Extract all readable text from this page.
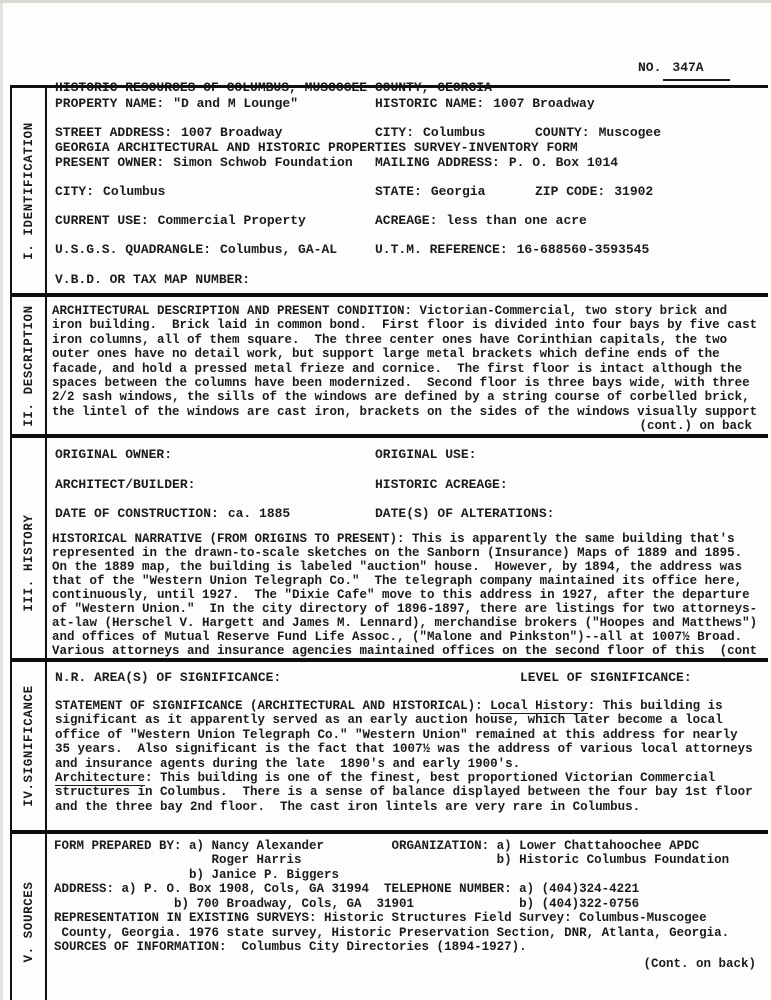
HISTORIC RESOURCES OF COLUMBUS, MUSCOGEE COUNTY, GEORGIA

GEORGIA ARCHITECTURAL AND HISTORIC PROPERTIES SURVEY-INVENTORY FORM

NO. 347A

I. IDENTIFICATION
PROPERTY NAME: "D and M Lounge"	HISTORIC NAME: 1007 Broadway
STREET ADDRESS: 1007 Broadway	CITY: Columbus	COUNTY: Muscogee
PRESENT OWNER: Simon Schwob Foundation	MAILING ADDRESS: P. O. Box 1014
CITY: Columbus	STATE: Georgia	ZIP CODE: 31902
CURRENT USE: Commercial Property	ACREAGE: less than one acre
U.S.G.S. QUADRANGLE: Columbus, GA-AL	U.T.M. REFERENCE: 16-688560-3593545
V.B.D. OR TAX MAP NUMBER:
II. DESCRIPTION ARCHITECTURAL DESCRIPTION AND PRESENT CONDITION: Victorian-Commercial, two story brick and
iron building.  Brick laid in common bond.  First floor is divided into four bays by five cast
iron columns, all of them square.  The three center ones have Corinthian capitals, the two
outer ones have no detail work, but support large metal brackets which define ends of the
facade, and hold a pressed metal frieze and cornice.  The first floor is intact although the
spaces between the columns have been modernized.  Second floor is three bays wide, with three
2/2 sash windows, the sills of the windows are defined by a string course of corbelled brick,
the lintel of the windows are cast iron, brackets on the sides of the windows visually support
(cont.) on back
III. HISTORY
ORIGINAL OWNER:	ORIGINAL USE:
ARCHITECT/BUILDER:	HISTORIC ACREAGE:
DATE OF CONSTRUCTION: ca. 1885	DATE(S) OF ALTERATIONS:
HISTORICAL NARRATIVE (FROM ORIGINS TO PRESENT): This is apparently the same building that's
represented in the drawn-to-scale sketches on the Sanborn (Insurance) Maps of 1889 and 1895.
On the 1889 map, the building is labeled "auction" house.  However, by 1894, the address was
that of the "Western Union Telegraph Co."  The telegraph company maintained its office here,
continuously, until 1927.  The "Dixie Cafe" move to this address in 1927, after the departure
of "Western Union."  In the city directory of 1896-1897, there are listings for two attorneys-
at-law (Herschel V. Hargett and James M. Lennard), merchandise brokers ("Hoopes and Matthews")
and offices of Mutual Reserve Fund Life Assoc., ("Malone and Pinkston")--all at 1007½ Broad.
Various attorneys and insurance agencies maintained offices on the second floor of this  (cont
IV.SIGNIFICANCE
N.R. AREA(S) OF SIGNIFICANCE:	LEVEL OF SIGNIFICANCE:
STATEMENT OF SIGNIFICANCE (ARCHITECTURAL AND HISTORICAL): Local History: This building is
significant as it apparently served as an early auction house, which later become a local
office of "Western Union Telegraph Co." "Western Union" remained at this address for nearly
35 years.  Also significant is the fact that 1007½ was the address of various local attorneys
and insurance agents during the late  1890's and early 1900's.
Architecture: This building is one of the finest, best proportioned Victorian Commercial
structures in Columbus.  There is a sense of balance displayed between the four bay 1st floor
and the three bay 2nd floor.  The cast iron lintels are very rare in Columbus.
V. SOURCES
FORM PREPARED BY: a) Nancy Alexander         ORGANIZATION: a) Lower Chattahoochee APDC
Roger Harris                          b) Historic Columbus Foundation
b) Janice P. Biggers
ADDRESS: a) P. O. Box 1908, Cols, GA 31994  TELEPHONE NUMBER: a) (404)324-4221
b) 700 Broadway, Cols, GA  31901              b) (404)322-0756
REPRESENTATION IN EXISTING SURVEYS: Historic Structures Field Survey: Columbus-Muscogee
County, Georgia. 1976 state survey, Historic Preservation Section, DNR, Atlanta, Georgia.
SOURCES OF INFORMATION:  Columbus City Directories (1894-1927).
(Cont. on back)
